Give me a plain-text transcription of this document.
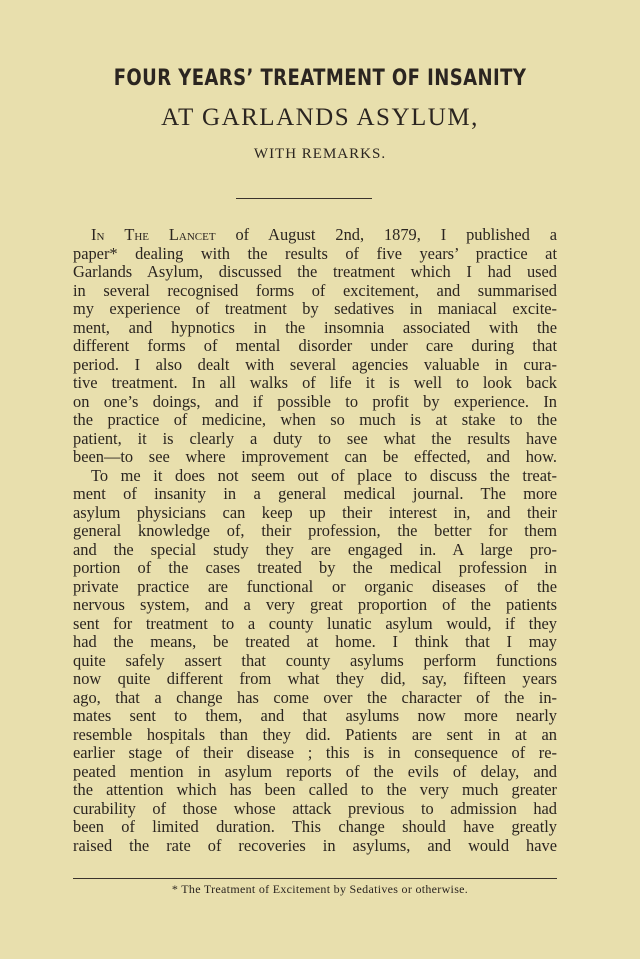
FOUR YEARS’ TREATMENT OF INSANITY
AT GARLANDS ASYLUM,
WITH REMARKS.
In The Lancet of August 2nd, 1879, I published a
paper* dealing with the results of five years’ practice at
Garlands Asylum, discussed the treatment which I had used
in several recognised forms of excitement, and summarised
my experience of treatment by sedatives in maniacal excite-
ment, and hypnotics in the insomnia associated with the
different forms of mental disorder under care during that
period. I also dealt with several agencies valuable in cura-
tive treatment. In all walks of life it is well to look back
on one’s doings, and if possible to profit by experience. In
the practice of medicine, when so much is at stake to the
patient, it is clearly a duty to see what the results have
been—to see where improvement can be effected, and how.
To me it does not seem out of place to discuss the treat-
ment of insanity in a general medical journal. The more
asylum physicians can keep up their interest in, and their
general knowledge of, their profession, the better for them
and the special study they are engaged in. A large pro-
portion of the cases treated by the medical profession in
private practice are functional or organic diseases of the
nervous system, and a very great proportion of the patients
sent for treatment to a county lunatic asylum would, if they
had the means, be treated at home. I think that I may
quite safely assert that county asylums perform functions
now quite different from what they did, say, fifteen years
ago, that a change has come over the character of the in-
mates sent to them, and that asylums now more nearly
resemble hospitals than they did. Patients are sent in at an
earlier stage of their disease ; this is in consequence of re-
peated mention in asylum reports of the evils of delay, and
the attention which has been called to the very much greater
curability of those whose attack previous to admission had
been of limited duration. This change should have greatly
raised the rate of recoveries in asylums, and would have
* The Treatment of Excitement by Sedatives or otherwise.
